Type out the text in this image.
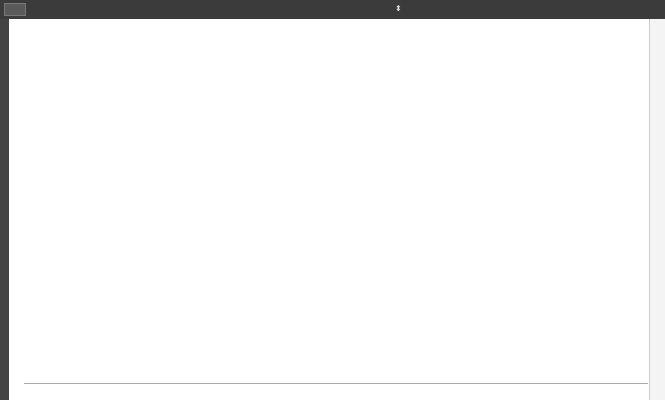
⬍
